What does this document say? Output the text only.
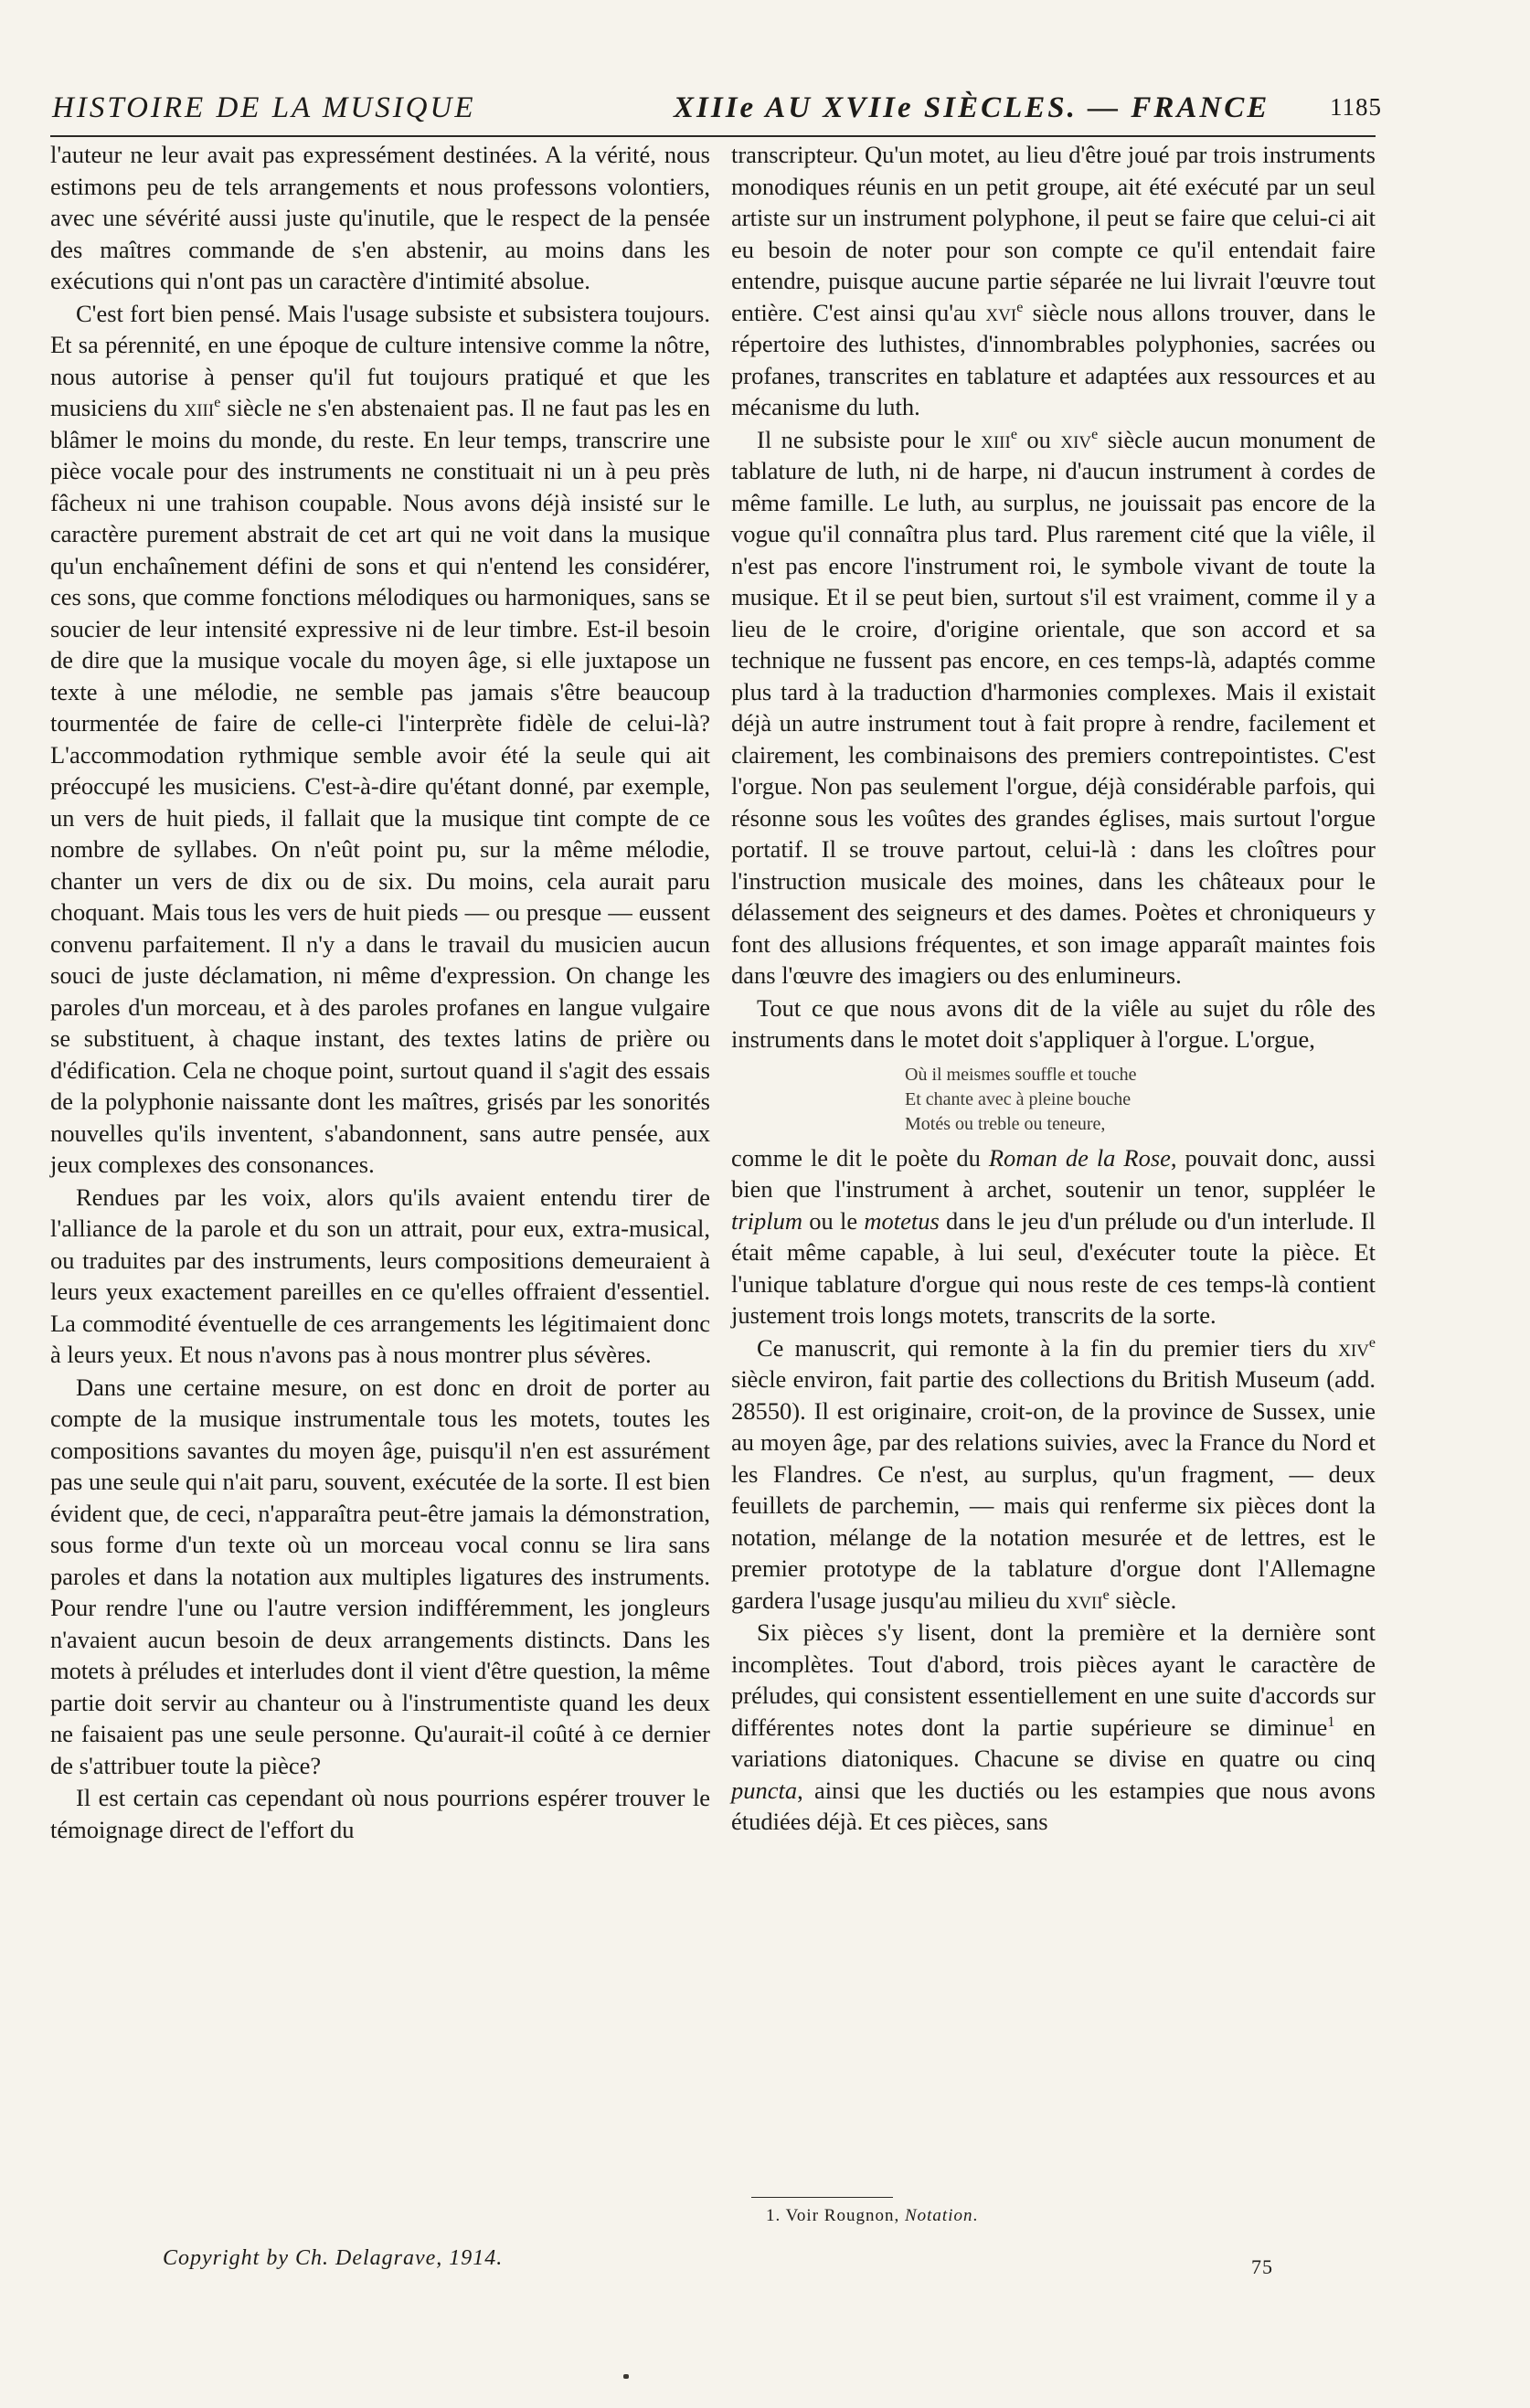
HISTOIRE DE LA MUSIQUE	XIIIe AU XVIIe SIÈCLES. — FRANCE 1185

l'auteur ne leur avait pas expressément destinées. A la vérité, nous estimons peu de tels arrangements et nous professons volontiers, avec une sévérité aussi juste qu'inutile, que le respect de la pensée des maîtres commande de s'en abstenir, au moins dans les exécutions qui n'ont pas un caractère d'intimité absolue.

C'est fort bien pensé. Mais l'usage subsiste et subsistera toujours. Et sa pérennité, en une époque de culture intensive comme la nôtre, nous autorise à penser qu'il fut toujours pratiqué et que les musiciens du xiii$^e$ siècle ne s'en abstenaient pas. Il ne faut pas les en blâmer le moins du monde, du reste. En leur temps, transcrire une pièce vocale pour des instruments ne constituait ni un à peu près fâcheux ni une trahison coupable. Nous avons déjà insisté sur le caractère purement abstrait de cet art qui ne voit dans la musique qu'un enchaînement défini de sons et qui n'entend les considérer, ces sons, que comme fonctions mélodiques ou harmoniques, sans se soucier de leur intensité expressive ni de leur timbre. Est-il besoin de dire que la musique vocale du moyen âge, si elle juxtapose un texte à une mélodie, ne semble pas jamais s'être beaucoup tourmentée de faire de celle-ci l'interprète fidèle de celui-là? L'accommodation rythmique semble avoir été la seule qui ait préoccupé les musiciens. C'est-à-dire qu'étant donné, par exemple, un vers de huit pieds, il fallait que la musique tint compte de ce nombre de syllabes. On n'eût point pu, sur la même mélodie, chanter un vers de dix ou de six. Du moins, cela aurait paru choquant. Mais tous les vers de huit pieds — ou presque — eussent convenu parfaitement. Il n'y a dans le travail du musicien aucun souci de juste déclamation, ni même d'expression. On change les paroles d'un morceau, et à des paroles profanes en langue vulgaire se substituent, à chaque instant, des textes latins de prière ou d'édification. Cela ne choque point, surtout quand il s'agit des essais de la polyphonie naissante dont les maîtres, grisés par les sonorités nouvelles qu'ils inventent, s'abandonnent, sans autre pensée, aux jeux complexes des consonances.

Rendues par les voix, alors qu'ils avaient entendu tirer de l'alliance de la parole et du son un attrait, pour eux, extra-musical, ou traduites par des instruments, leurs compositions demeuraient à leurs yeux exactement pareilles en ce qu'elles offraient d'essentiel. La commodité éventuelle de ces arrangements les légitimaient donc à leurs yeux. Et nous n'avons pas à nous montrer plus sévères.

Dans une certaine mesure, on est donc en droit de porter au compte de la musique instrumentale tous les motets, toutes les compositions savantes du moyen âge, puisqu'il n'en est assurément pas une seule qui n'ait paru, souvent, exécutée de la sorte. Il est bien évident que, de ceci, n'apparaîtra peut-être jamais la démonstration, sous forme d'un texte où un morceau vocal connu se lira sans paroles et dans la notation aux multiples ligatures des instruments. Pour rendre l'une ou l'autre version indifféremment, les jongleurs n'avaient aucun besoin de deux arrangements distincts. Dans les motets à préludes et interludes dont il vient d'être question, la même partie doit servir au chanteur ou à l'instrumentiste quand les deux ne faisaient pas une seule personne. Qu'aurait-il coûté à ce dernier de s'attribuer toute la pièce?

Il est certain cas cependant où nous pourrions espérer trouver le témoignage direct de l'effort du

transcripteur. Qu'un motet, au lieu d'être joué par trois instruments monodiques réunis en un petit groupe, ait été exécuté par un seul artiste sur un instrument polyphone, il peut se faire que celui-ci ait eu besoin de noter pour son compte ce qu'il entendait faire entendre, puisque aucune partie séparée ne lui livrait l'œuvre tout entière. C'est ainsi qu'au xvi$^e$ siècle nous allons trouver, dans le répertoire des luthistes, d'innombrables polyphonies, sacrées ou profanes, transcrites en tablature et adaptées aux ressources et au mécanisme du luth.

Il ne subsiste pour le xiii$^e$ ou xiv$^e$ siècle aucun monument de tablature de luth, ni de harpe, ni d'aucun instrument à cordes de même famille. Le luth, au surplus, ne jouissait pas encore de la vogue qu'il connaîtra plus tard. Plus rarement cité que la viêle, il n'est pas encore l'instrument roi, le symbole vivant de toute la musique. Et il se peut bien, surtout s'il est vraiment, comme il y a lieu de le croire, d'origine orientale, que son accord et sa technique ne fussent pas encore, en ces temps-là, adaptés comme plus tard à la traduction d'harmonies complexes. Mais il existait déjà un autre instrument tout à fait propre à rendre, facilement et clairement, les combinaisons des premiers contrepointistes. C'est l'orgue. Non pas seulement l'orgue, déjà considérable parfois, qui résonne sous les voûtes des grandes églises, mais surtout l'orgue portatif. Il se trouve partout, celui-là : dans les cloîtres pour l'instruction musicale des moines, dans les châteaux pour le délassement des seigneurs et des dames. Poètes et chroniqueurs y font des allusions fréquentes, et son image apparaît maintes fois dans l'œuvre des imagiers ou des enlumineurs.

Tout ce que nous avons dit de la viêle au sujet du rôle des instruments dans le motet doit s'appliquer à l'orgue. L'orgue,

Où il meismes souffle et touche
Et chante avec à pleine bouche
Motés ou treble ou teneure,

comme le dit le poète du Roman de la Rose, pouvait donc, aussi bien que l'instrument à archet, soutenir un tenor, suppléer le triplum ou le motetus dans le jeu d'un prélude ou d'un interlude. Il était même capable, à lui seul, d'exécuter toute la pièce. Et l'unique tablature d'orgue qui nous reste de ces temps-là contient justement trois longs motets, transcrits de la sorte.

Ce manuscrit, qui remonte à la fin du premier tiers du xiv$^e$ siècle environ, fait partie des collections du British Museum (add. 28550). Il est originaire, croit-on, de la province de Sussex, unie au moyen âge, par des relations suivies, avec la France du Nord et les Flandres. Ce n'est, au surplus, qu'un fragment, — deux feuillets de parchemin, — mais qui renferme six pièces dont la notation, mélange de la notation mesurée et de lettres, est le premier prototype de la tablature d'orgue dont l'Allemagne gardera l'usage jusqu'au milieu du xvii$^e$ siècle.

Six pièces s'y lisent, dont la première et la dernière sont incomplètes. Tout d'abord, trois pièces ayant le caractère de préludes, qui consistent essentiellement en une suite d'accords sur différentes notes dont la partie supérieure se diminue$^1$ en variations diatoniques. Chacune se divise en quatre ou cinq puncta, ainsi que les ductiés ou les estampies que nous avons étudiées déjà. Et ces pièces, sans

1. Voir Rougnon, Notation.
Copyright by Ch. Delagrave, 1914.	75
